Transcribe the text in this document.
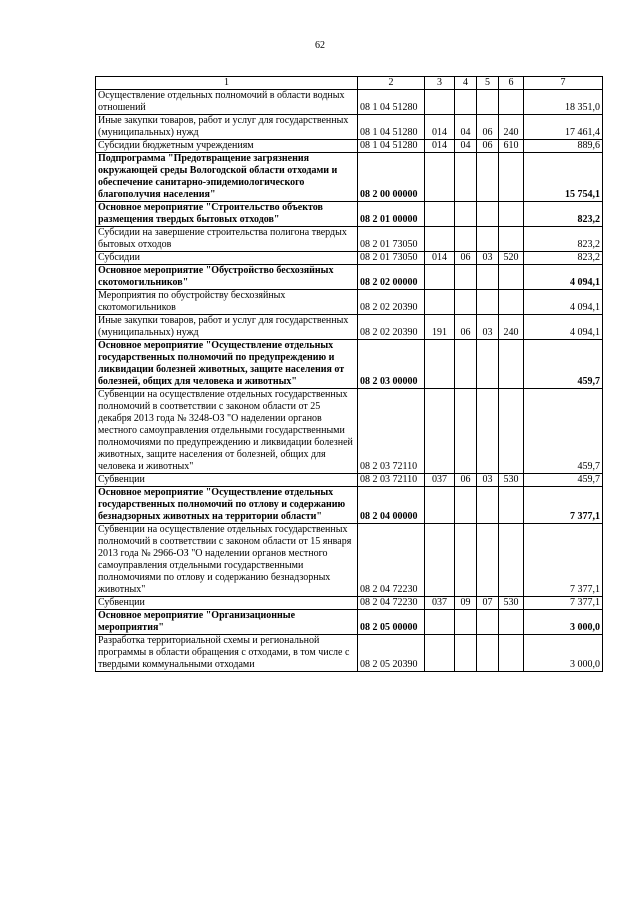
62
1	2	3	4	5	6	7
Осуществление отдельных полномочий в области водных отношений	08 1 04 51280					18 351,0
Иные закупки товаров, работ и услуг для государственных (муниципальных) нужд	08 1 04 51280	014	04	06	240	17 461,4
Субсидии бюджетным учреждениям	08 1 04 51280	014	04	06	610	889,6
Подпрограмма "Предотвращение загрязнения окружающей среды Вологодской области отходами и обеспечение санитарно-эпидемиологического благополучия населения"	08 2 00 00000					15 754,1
Основное мероприятие "Строительство объектов размещения твердых бытовых отходов"	08 2 01 00000					823,2
Субсидии на завершение строительства полигона твердых бытовых отходов	08 2 01 73050					823,2
Субсидии	08 2 01 73050	014	06	03	520	823,2
Основное мероприятие "Обустройство бесхозяйных скотомогильников"	08 2 02 00000					4 094,1
Мероприятия по обустройству бесхозяйных скотомогильников	08 2 02 20390					4 094,1
Иные закупки товаров, работ и услуг для государственных (муниципальных) нужд	08 2 02 20390	191	06	03	240	4 094,1
Основное мероприятие "Осуществление отдельных государственных полномочий по предупреждению и ликвидации болезней животных, защите населения от болезней, общих для человека и животных"	08 2 03 00000					459,7
Субвенции на осуществление отдельных государственных полномочий в соответствии с законом области от 25 декабря 2013 года № 3248-ОЗ "О наделении органов местного самоуправления отдельными государственными полномочиями по предупреждению и ликвидации болезней животных, защите населения от болезней, общих для человека и животных"	08 2 03 72110					459,7
Субвенции	08 2 03 72110	037	06	03	530	459,7
Основное мероприятие "Осуществление отдельных государственных полномочий по отлову и содержанию безнадзорных животных на территории области"	08 2 04 00000					7 377,1
Субвенции на осуществление отдельных государственных полномочий в соответствии с законом области от 15 января 2013 года № 2966-ОЗ "О наделении органов местного самоуправления отдельными государственными полномочиями по отлову и содержанию безнадзорных животных"	08 2 04 72230					7 377,1
Субвенции	08 2 04 72230	037	09	07	530	7 377,1
Основное мероприятие "Организационные мероприятия"	08 2 05 00000					3 000,0
Разработка территориальной схемы и региональной программы в области обращения с отходами, в том числе с твердыми коммунальными отходами	08 2 05 20390					3 000,0
